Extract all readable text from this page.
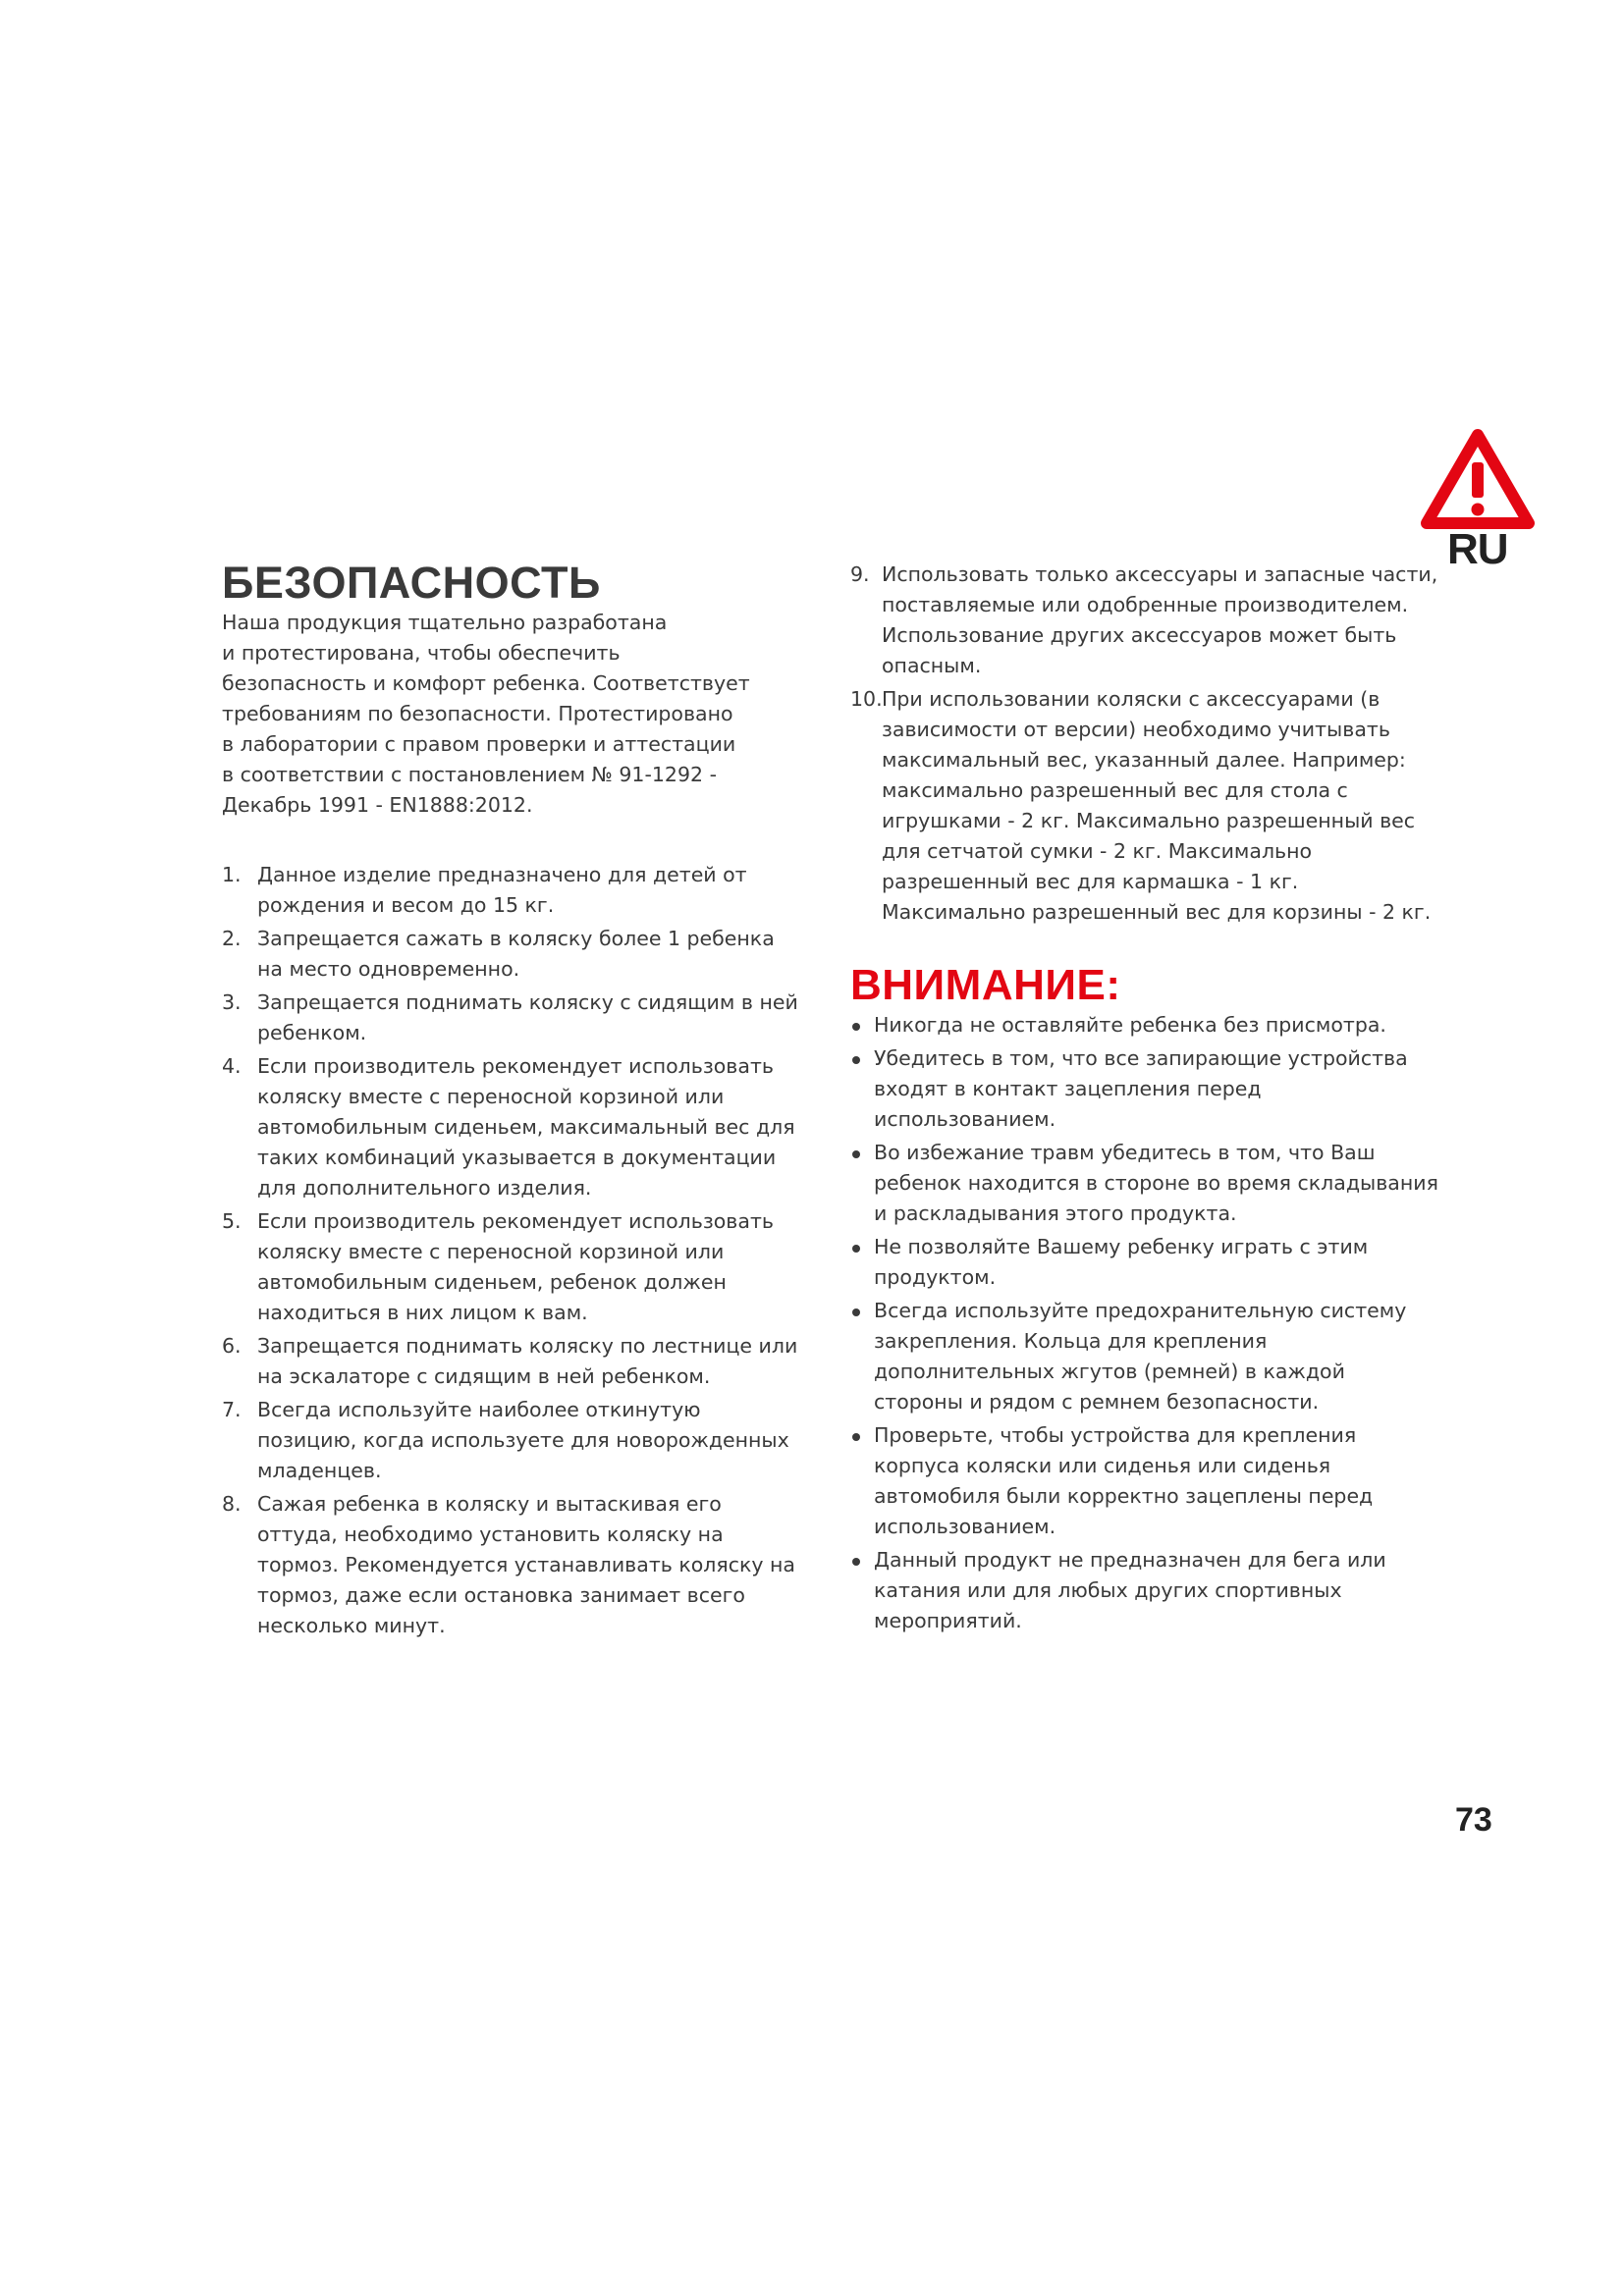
RU

БЕЗОПАСНОСТЬ

Наша продукция тщательно разработана
и протестирована, чтобы обеспечить
безопасность и комфорт ребенка. Соответствует
требованиям по безопасности. Протестировано
в лаборатории с правом проверки и аттестации
в соответствии с постановлением № 91-1292 -
Декабрь 1991 - EN1888:2012.

1. Данное изделие предназначено для детей от рождения и весом до 15 кг.
2. Запрещается сажать в коляску более 1 ребенка на место одновременно.
3. Запрещается поднимать коляску с сидящим в ней ребенком.
4. Если производитель рекомендует использовать коляску вместе с переносной корзиной или автомобильным сиденьем, максимальный вес для таких комбинаций указывается в документации для дополнительного изделия.
5. Если производитель рекомендует использовать коляску вместе с переносной корзиной или автомобильным сиденьем, ребенок должен находиться в них лицом к вам.
6. Запрещается поднимать коляску по лестнице или на эскалаторе с сидящим в ней ребенком.
7. Всегда используйте наиболее откинутую позицию, когда используете для новорожденных младенцев.
8. Сажая ребенка в коляску и вытаскивая его оттуда, необходимо установить коляску на тормоз. Рекомендуется устанавливать коляску на тормоз, даже если остановка занимает всего несколько минут.
9. Использовать только аксессуары и запасные части, поставляемые или одобренные производителем. Использование других аксессуаров может быть опасным.
10. При использовании коляски с аксессуарами (в зависимости от версии) необходимо учитывать максимальный вес, указанный далее. Например: максимально разрешенный вес для стола с игрушками - 2 кг. Максимально разрешенный вес для сетчатой сумки - 2 кг. Максимально разрешенный вес для кармашка - 1 кг. Максимально разрешенный вес для корзины - 2 кг.
ВНИМАНИЕ:
Никогда не оставляйте ребенка без присмотра.
Убедитесь в том, что все запирающие устройства входят в контакт зацепления перед использованием.
Во избежание травм убедитесь в том, что Ваш ребенок находится в стороне во время складывания и раскладывания этого продукта.
Не позволяйте Вашему ребенку играть с этим продуктом.
Всегда используйте предохранительную систему закрепления. Кольца для крепления дополнительных жгутов (ремней) в каждой стороны и рядом с ремнем безопасности.
Проверьте, чтобы устройства для крепления корпуса коляски или сиденья или сиденья автомобиля были корректно зацеплены перед использованием.
Данный продукт не предназначен для бега или катания или для любых других спортивных мероприятий.
73
